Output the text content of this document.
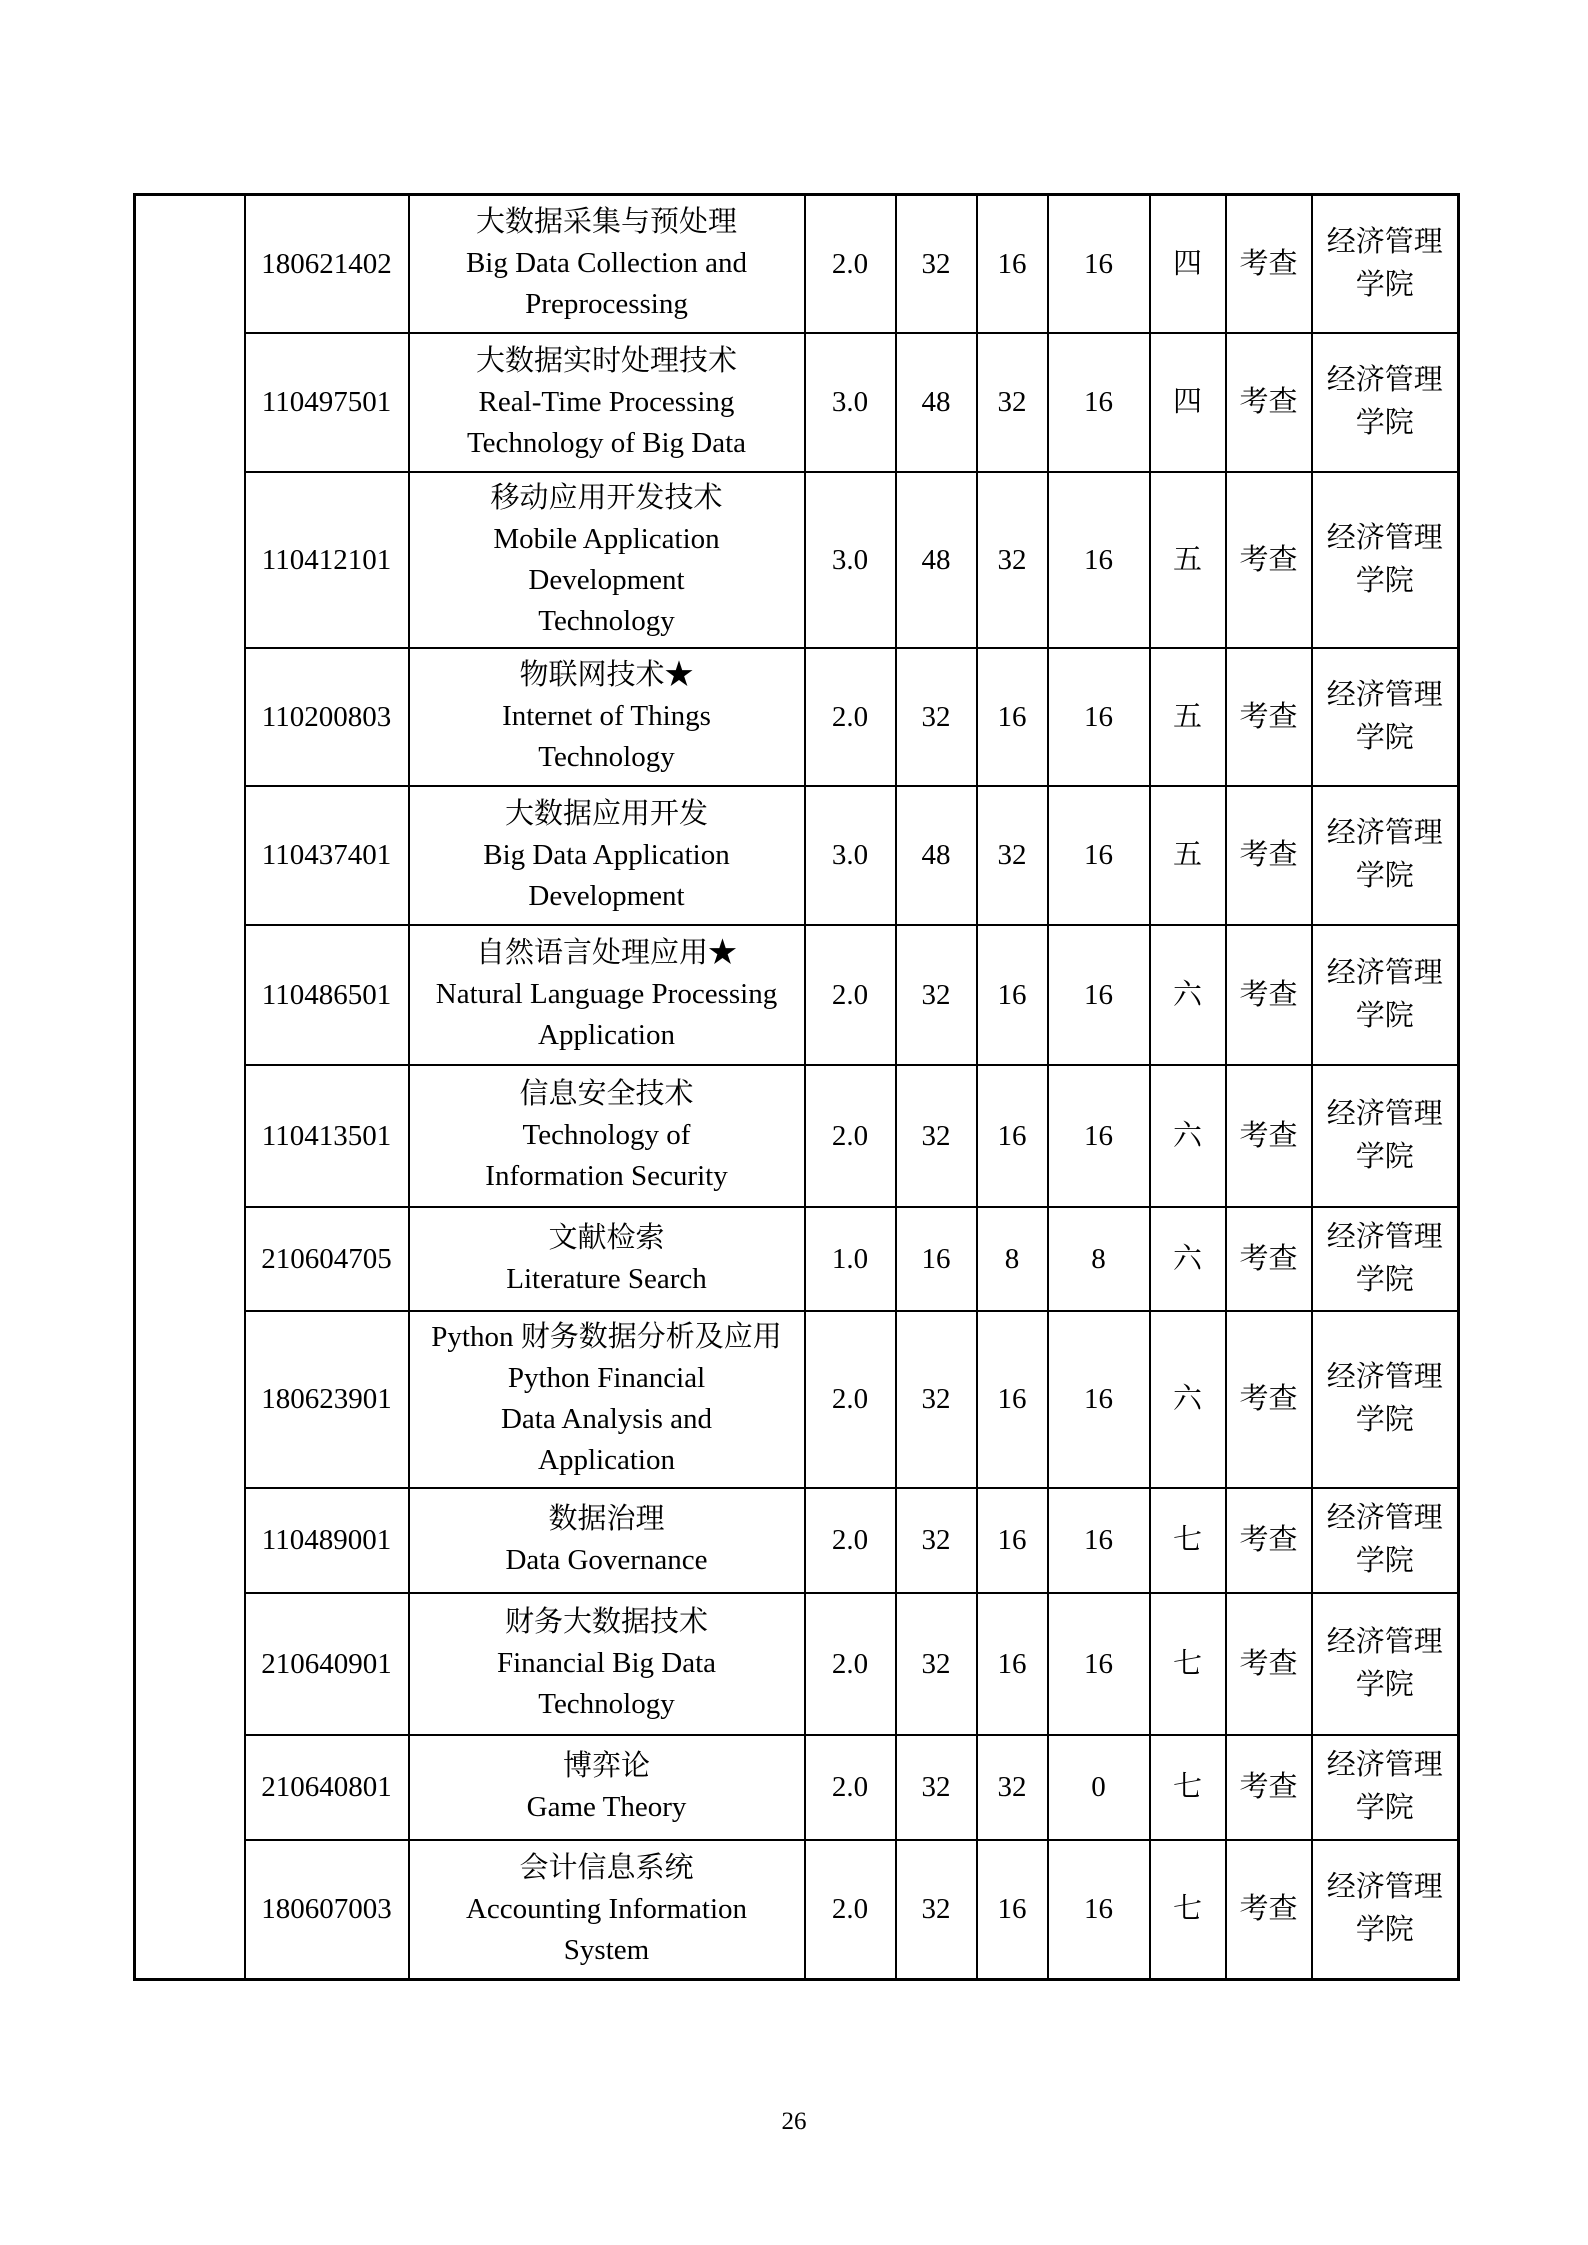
	180621402	
大数据采集与预处理
Big Data Collection and
Preprocessing
	2.0	32	16	16	四	考查	
经济管理
学院

110497501	
大数据实时处理技术
Real-Time Processing
Technology of Big Data
	3.0	48	32	16	四	考查	
经济管理
学院

110412101	
移动应用开发技术
Mobile Application
Development
Technology
	3.0	48	32	16	五	考查	
经济管理
学院

110200803	
物联网技术★
Internet of Things
Technology
	2.0	32	16	16	五	考查	
经济管理
学院

110437401	
大数据应用开发
Big Data Application
Development
	3.0	48	32	16	五	考查	
经济管理
学院

110486501	
自然语言处理应用★
Natural Language Processing
Application
	2.0	32	16	16	六	考查	
经济管理
学院

110413501	
信息安全技术
Technology of
Information Security
	2.0	32	16	16	六	考查	
经济管理
学院

210604705	
文献检索
Literature Search
	1.0	16	8	8	六	考查	
经济管理
学院

180623901	
Python 财务数据分析及应用
Python Financial
Data Analysis and
Application
	2.0	32	16	16	六	考查	
经济管理
学院

110489001	
数据治理
Data Governance
	2.0	32	16	16	七	考查	
经济管理
学院

210640901	
财务大数据技术
Financial Big Data
Technology
	2.0	32	16	16	七	考查	
经济管理
学院

210640801	
博弈论
Game Theory
	2.0	32	32	0	七	考查	
经济管理
学院

180607003	
会计信息系统
Accounting Information
System
	2.0	32	16	16	七	考查	
经济管理
学院
26
